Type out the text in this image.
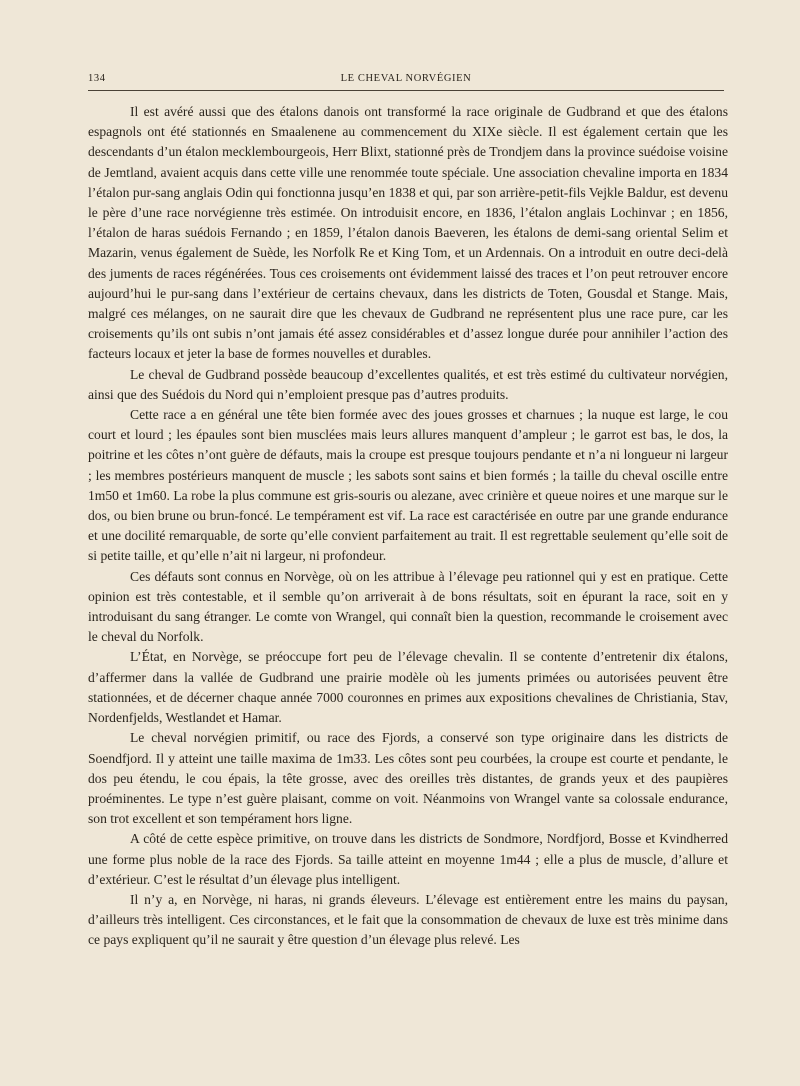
134	LE CHEVAL NORVÉGIEN

Il est avéré aussi que des étalons danois ont transformé la race originale de Gudbrand et que des étalons espagnols ont été stationnés en Smaalenene au commencement du XIXe siècle. Il est également certain que les descendants d’un étalon mecklembourgeois, Herr Blixt, stationné près de Trondjem dans la province suédoise voisine de Jemtland, avaient acquis dans cette ville une renommée toute spéciale. Une association chevaline importa en 1834 l’étalon pur-sang anglais Odin qui fonctionna jusqu’en 1838 et qui, par son arrière-petit-fils Vejkle Baldur, est devenu le père d’une race norvégienne très estimée. On introduisit encore, en 1836, l’étalon anglais Lochinvar ; en 1856, l’étalon de haras suédois Fernando ; en 1859, l’étalon danois Baeveren, les étalons de demi-sang oriental Selim et Mazarin, venus également de Suède, les Norfolk Re et King Tom, et un Ardennais. On a introduit en outre deci-delà des juments de races régénérées. Tous ces croisements ont évidemment laissé des traces et l’on peut retrouver encore aujourd’hui le pur-sang dans l’extérieur de certains chevaux, dans les districts de Toten, Gousdal et Stange. Mais, malgré ces mélanges, on ne saurait dire que les chevaux de Gudbrand ne représentent plus une race pure, car les croisements qu’ils ont subis n’ont jamais été assez considérables et d’assez longue durée pour annihiler l’action des facteurs locaux et jeter la base de formes nouvelles et durables.

Le cheval de Gudbrand possède beaucoup d’excellentes qualités, et est très estimé du cultivateur norvégien, ainsi que des Suédois du Nord qui n’emploient presque pas d’autres produits.

Cette race a en général une tête bien formée avec des joues grosses et charnues ; la nuque est large, le cou court et lourd ; les épaules sont bien musclées mais leurs allures manquent d’ampleur ; le garrot est bas, le dos, la poitrine et les côtes n’ont guère de défauts, mais la croupe est presque toujours pendante et n’a ni longueur ni largeur ; les membres postérieurs manquent de muscle ; les sabots sont sains et bien formés ; la taille du cheval oscille entre 1m50 et 1m60. La robe la plus commune est gris-souris ou alezane, avec crinière et queue noires et une marque sur le dos, ou bien brune ou brun-foncé. Le tempérament est vif. La race est caractérisée en outre par une grande endurance et une docilité remarquable, de sorte qu’elle convient parfaitement au trait. Il est regrettable seulement qu’elle soit de si petite taille, et qu’elle n’ait ni largeur, ni profondeur.

Ces défauts sont connus en Norvège, où on les attribue à l’élevage peu rationnel qui y est en pratique. Cette opinion est très contestable, et il semble qu’on arriverait à de bons résultats, soit en épurant la race, soit en y introduisant du sang étranger. Le comte von Wrangel, qui connaît bien la question, recommande le croisement avec le cheval du Norfolk.

L’État, en Norvège, se préoccupe fort peu de l’élevage chevalin. Il se contente d’entretenir dix étalons, d’affermer dans la vallée de Gudbrand une prairie modèle où les juments primées ou autorisées peuvent être stationnées, et de décerner chaque année 7000 couronnes en primes aux expositions chevalines de Christiania, Stav, Nordenfjelds, Westlandet et Hamar.

Le cheval norvégien primitif, ou race des Fjords, a conservé son type originaire dans les districts de Soendfjord. Il y atteint une taille maxima de 1m33. Les côtes sont peu courbées, la croupe est courte et pendante, le dos peu étendu, le cou épais, la tête grosse, avec des oreilles très distantes, de grands yeux et des paupières proéminentes. Le type n’est guère plaisant, comme on voit. Néanmoins von Wrangel vante sa colossale endurance, son trot excellent et son tempérament hors ligne.

A côté de cette espèce primitive, on trouve dans les districts de Sondmore, Nordfjord, Bosse et Kvindherred une forme plus noble de la race des Fjords. Sa taille atteint en moyenne 1m44 ; elle a plus de muscle, d’allure et d’extérieur. C’est le résultat d’un élevage plus intelligent.

Il n’y a, en Norvège, ni haras, ni grands éleveurs. L’élevage est entièrement entre les mains du paysan, d’ailleurs très intelligent. Ces circonstances, et le fait que la consommation de chevaux de luxe est très minime dans ce pays expliquent qu’il ne saurait y être question d’un élevage plus relevé. Les
